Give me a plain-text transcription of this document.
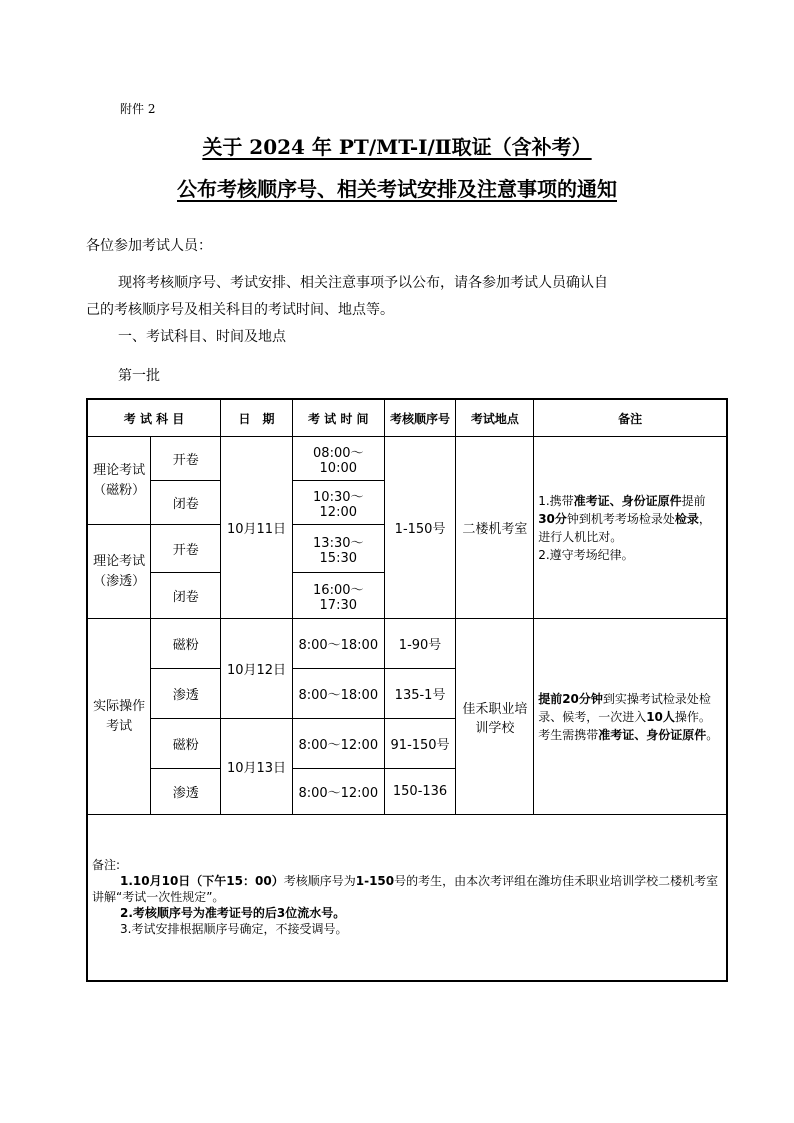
附件 2
关于 2024 年 PT/MT-Ⅰ/Ⅱ取证（含补考）
公布考核顺序号、相关考试安排及注意事项的通知
各位参加考试人员：
现将考核顺序号、考试安排、相关注意事项予以公布，请各参加考试人员确认自
己的考核顺序号及相关科目的考试时间、地点等。
一、考试科目、时间及地点
第一批
考 试 科 目		日　期	考 试 时 间	考核顺序号	考试地点	备注
理论考试（磁粉）	开卷	10月11日	08:00～10:00	1-150号	二楼机考室	1.携带准考证、身份证原件提前30分钟到机考考场检录处检录，进行人机比对。
2.遵守考场纪律。
	闭卷		10:30～12:00			
理论考试（渗透）	开卷		13:30～15:30			
	闭卷		16:00～17:30			
实际操作考试	磁粉	10月12日	8:00～18:00	1-90号	佳禾职业培训学校	提前20分钟到实操考试检录处检录、候考，一次进入10人操作。考生需携带准考证、身份证原件。
	渗透		8:00～18:00	135-1号		
	磁粉	10月13日	8:00～12:00	91-150号		
	渗透		8:00～12:00	150-136		

备注:
1.10月10日（下午15：00）考核顺序号为1-150号的考生，由本次考评组在潍坊佳禾职业培训学校二楼机考室讲解“考试一次性规定”。
2.考核顺序号为准考证号的后3位流水号。
3.考试安排根据顺序号确定，不接受调号。						
